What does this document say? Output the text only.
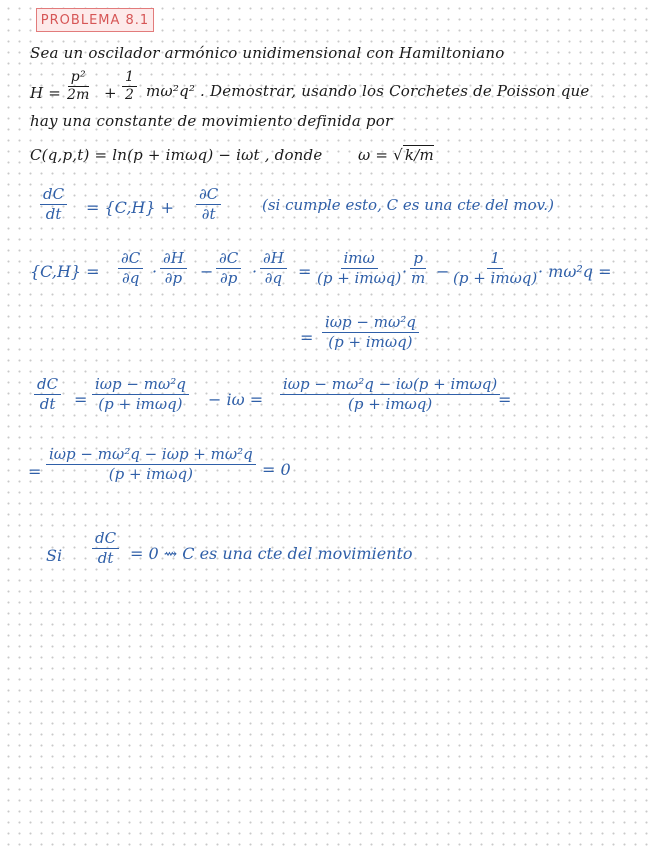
PROBLEMA 8.1
Sea un oscilador armónico unidimensional con Hamiltoniano
$H = \frac{\text{p²}}{2m} + \frac{1}{2} m\omega^2q^2$ . Demostrar, usando los Corchetes de Poisson que
hay una constante de movimiento definida por
C(q,p,t) = ln(p + imωq) − iωt , donde ω = √ k/m
$\frac{dC}{dt} = \{C,H\} + \frac{\partial C}{\partial t}$	(si cumple esto, C es una cte del mov.)
$\{C,H\} = \frac{\partial C}{\partial q} \cdot \frac{\partial H}{\partial p} - \frac{\partial C}{\partial p} \cdot \frac{\partial H}{\partial q}$ =
imω
$(p + im\omega q) \cdot \frac{p}{m}$ −
1
(p + imωq) · mω²q =
=
iωp − mω²q
(p + imωq)
$\frac{dC}{dt}$ =
iωp − mω²q
(p + imωq) − iω =
iωp − mω²q − iω(p + imωq)
(p + imωq)	=
=
iωp − mω²q − iωp + mω²q
(p + imωq)	= 0
Si $\frac{dC}{dt} = 0$ ⇝ C es una cte del movimiento
